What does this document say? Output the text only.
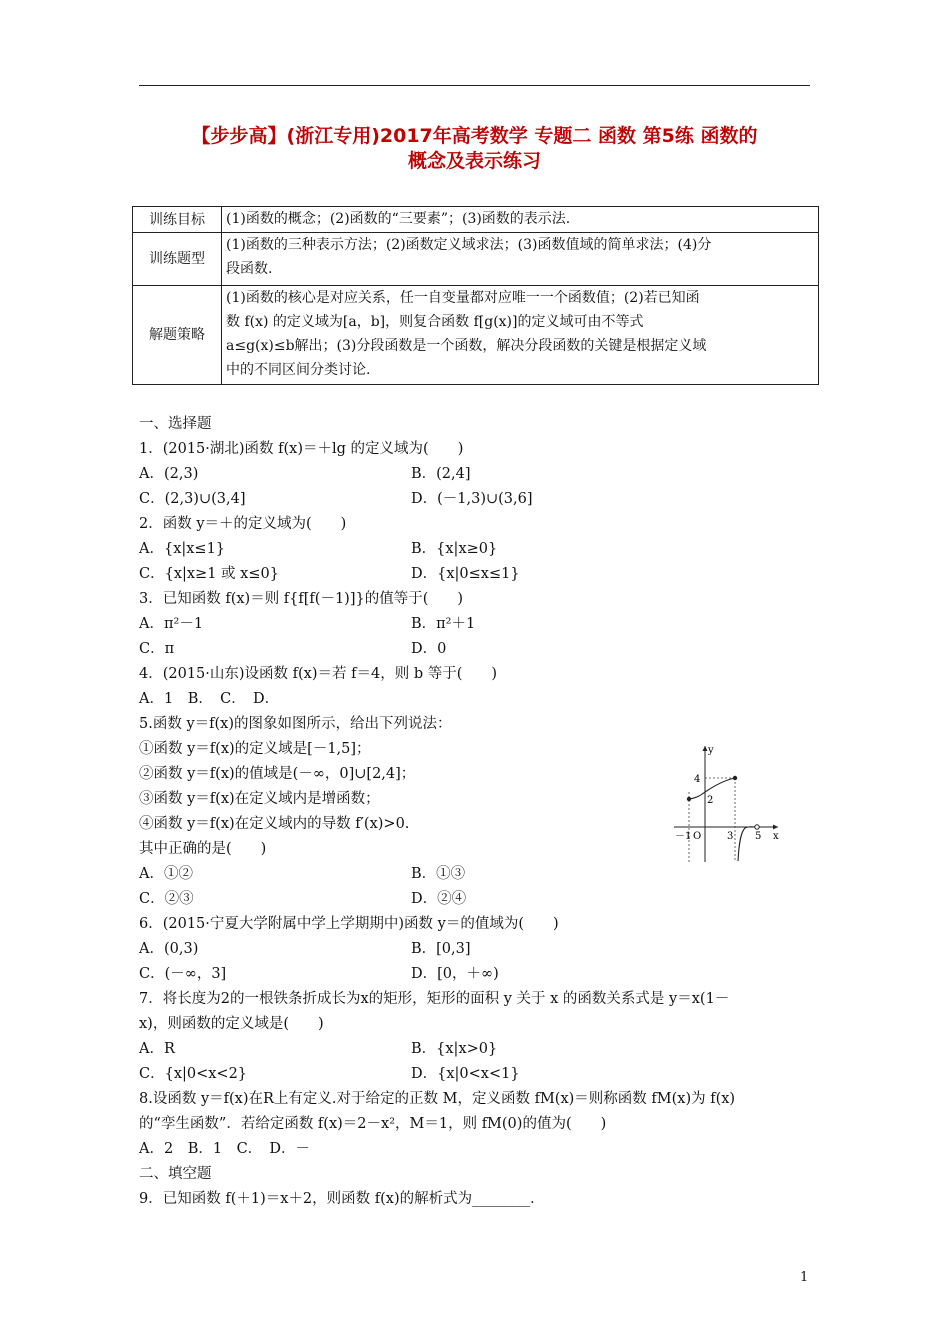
【步步高】(浙江专用)2017年高考数学 专题二 函数 第5练 函数的
概念及表示练习
训练目标	(1)函数的概念；(2)函数的“三要素”；(3)函数的表示法.

训练题型	(1)函数的三种表示方法；(2)函数定义域求法；(3)函数值域的简单求法；(4)分
段函数.

解题策略	(1)函数的核心是对应关系，任一自变量都对应唯一一个函数值；(2)若已知函
数 f(x) 的定义域为[a，b]，则复合函数 f[g(x)]的定义域可由不等式
a≤g(x)≤b解出；(3)分段函数是一个函数，解决分段函数的关键是根据定义域
中的不同区间分类讨论.
一、选择题
1．(2015·湖北)函数 f(x)＝＋lg 的定义域为(　　)
A．(2,3)	B．(2,4]
C．(2,3)∪(3,4]	D．(－1,3)∪(3,6]
2．函数 y＝＋的定义域为(　　)
A．{x|x≤1}	B．{x|x≥0}
C．{x|x≥1 或 x≤0}	D．{x|0≤x≤1}
3．已知函数 f(x)＝则 f{f[f(－1)]}的值等于(　　)
A．π²－1	B．π²＋1
C．π	D．0
4．(2015·山东)设函数 f(x)＝若 f＝4，则 b 等于(　　)
A．1　B．　C．　D．
5.函数 y＝f(x)的图象如图所示，给出下列说法：
①函数 y＝f(x)的定义域是[－1,5]；
②函数 y＝f(x)的值域是(－∞，0]∪[2,4]；
③函数 y＝f(x)在定义域内是增函数；
④函数 y＝f(x)在定义域内的导数 f′(x)>0.
其中正确的是(　　)
A．①②	B．①③
C．②③	D．②④
6．(2015·宁夏大学附属中学上学期期中)函数 y＝的值域为(　　)
A．(0,3)	B．[0,3]
C．(－∞，3]	D．[0，＋∞)
7．将长度为2的一根铁条折成长为x的矩形，矩形的面积 y 关于 x 的函数关系式是 y＝x(1－
x)，则函数的定义域是(　　)
A．R	B．{x|x>0}
C．{x|0<x<2}	D．{x|0<x<1}
8.设函数 y＝f(x)在R上有定义.对于给定的正数 M，定义函数 fM(x)＝则称函数 fM(x)为 f(x)
的“孪生函数”．若给定函数 f(x)＝2－x²，M＝1，则 fM(0)的值为(　　)
A．2　B．1　C．　D．－
二、填空题
9．已知函数 f(＋1)＝x＋2，则函数 f(x)的解析式为________．
y
x
4
2
－1 O	3 5
1
